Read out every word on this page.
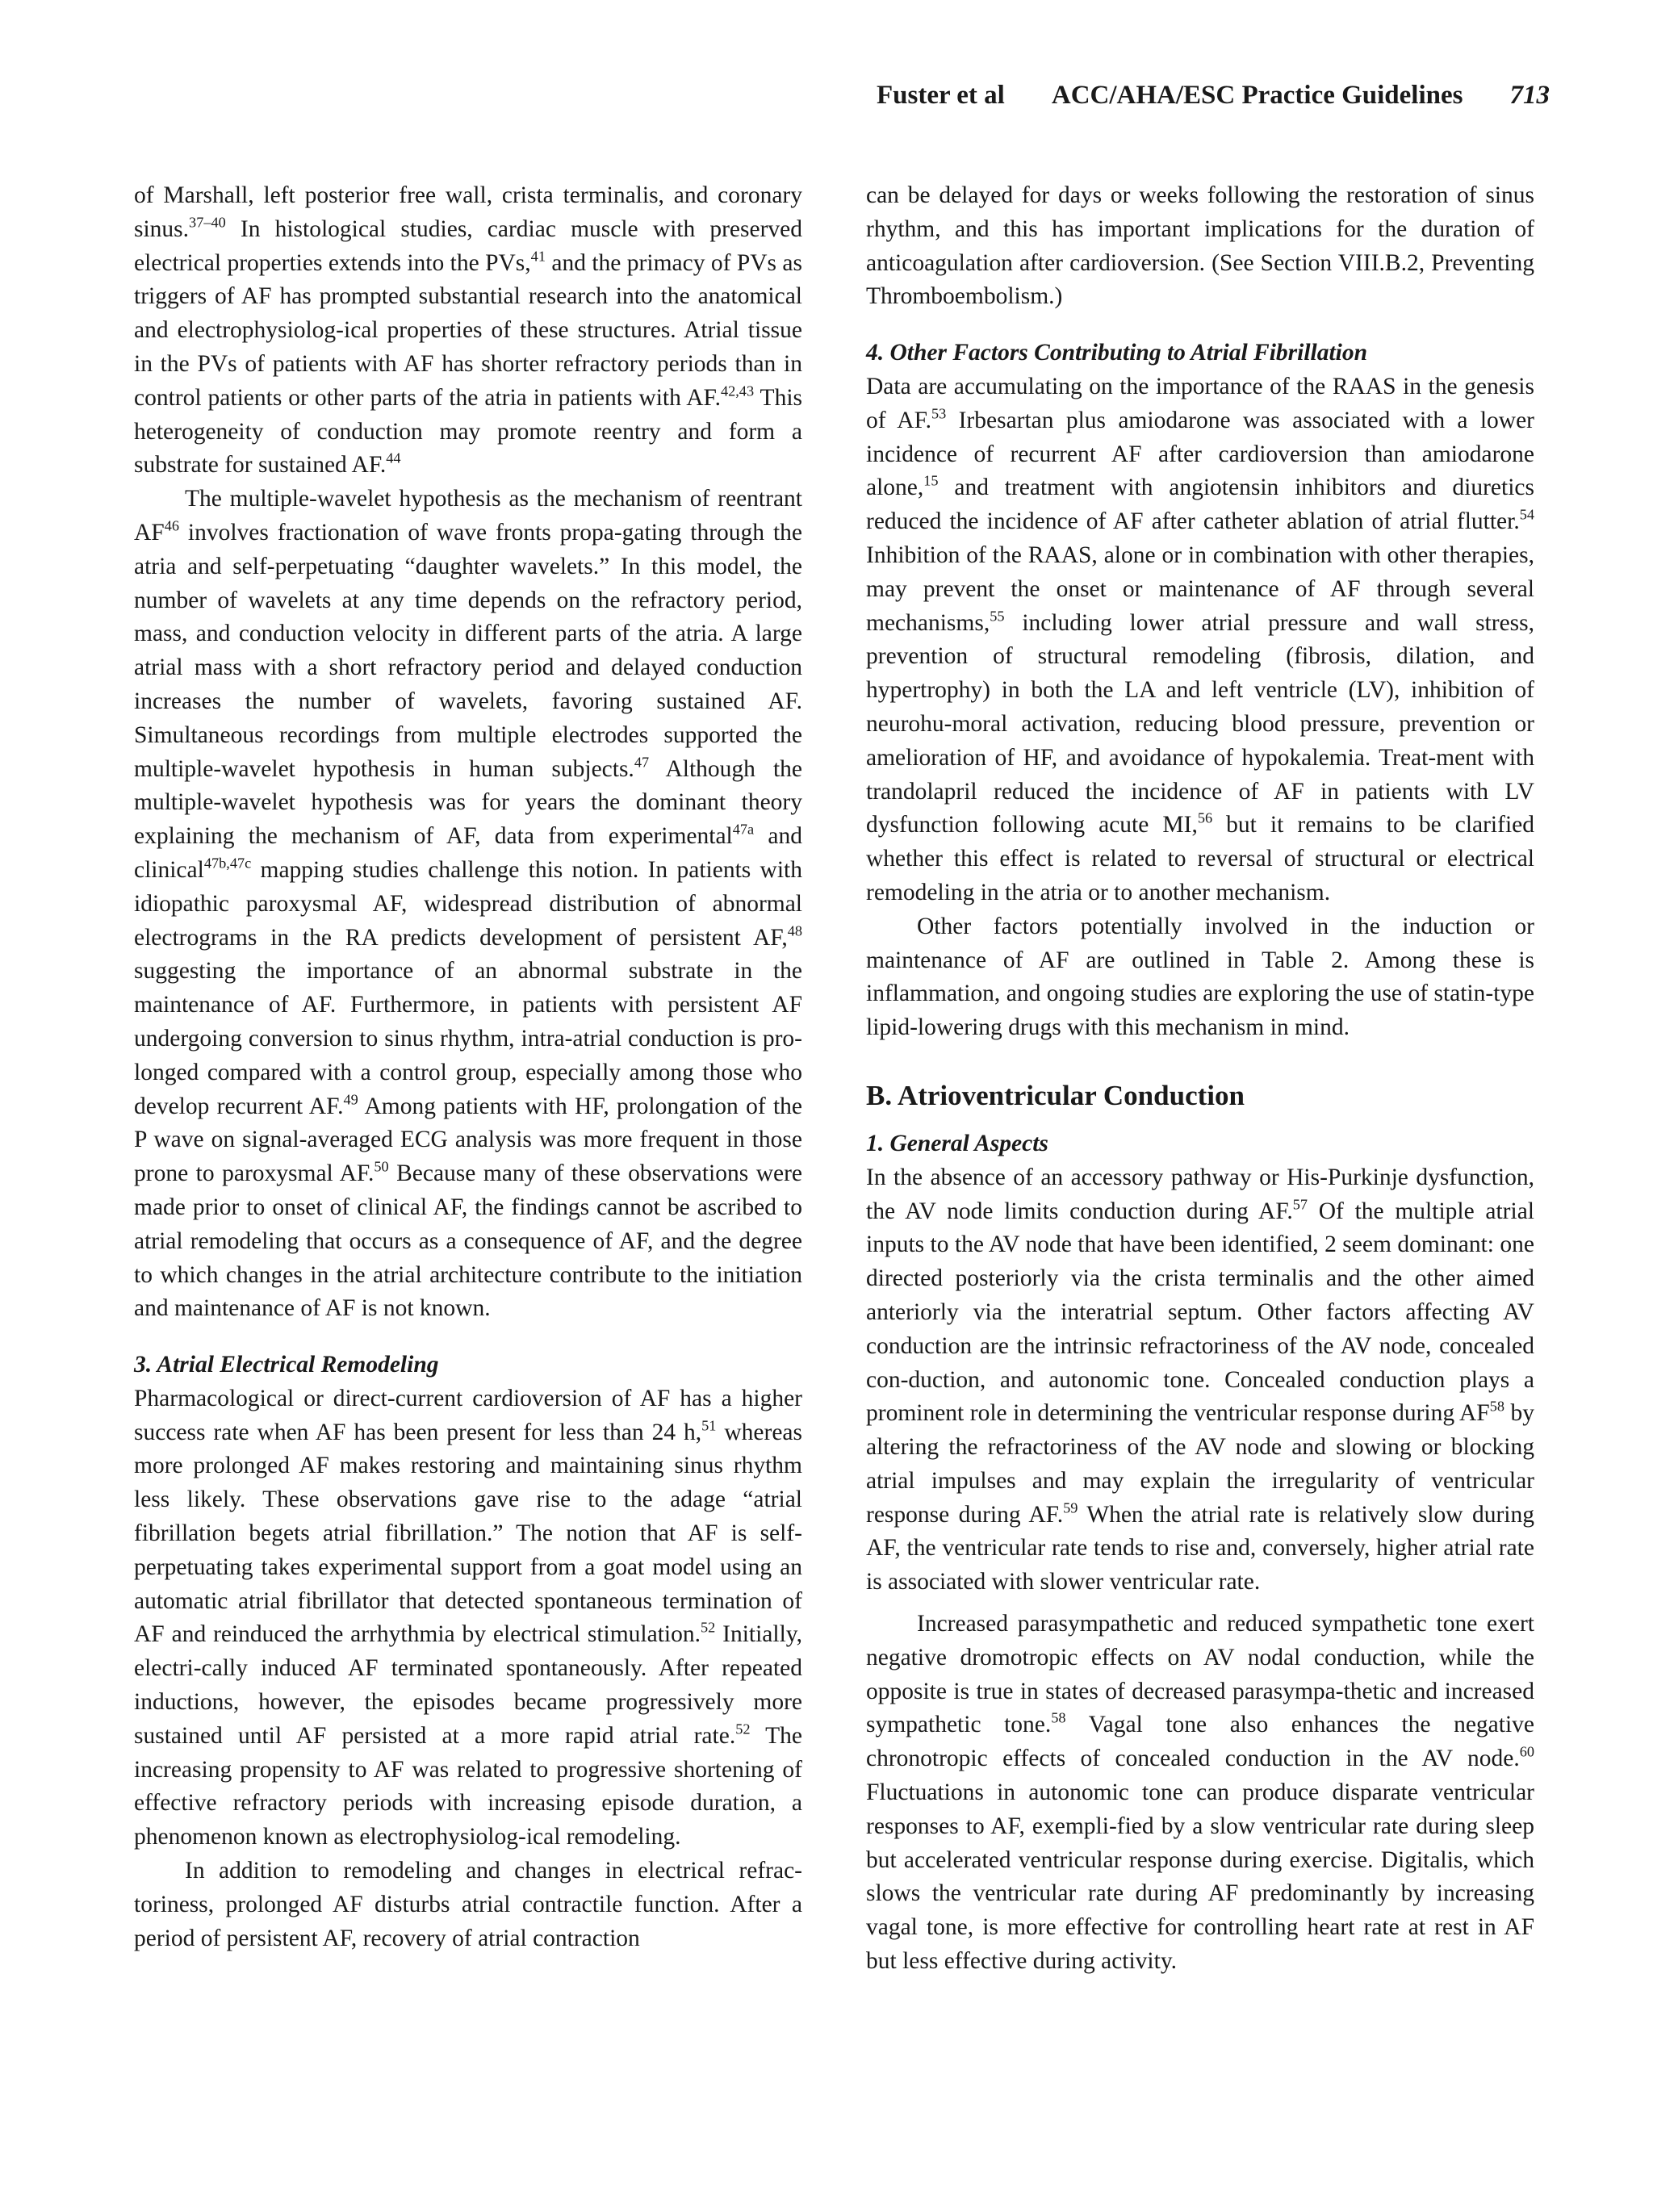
Fuster et al ACC/AHA/ESC Practice Guidelines 713

of Marshall, left posterior free wall, crista terminalis, and coronary sinus.$^{37-40}$ In histological studies, cardiac muscle with preserved electrical properties extends into the PVs,$^{41}$ and the primacy of PVs as triggers of AF has prompted substantial research into the anatomical and electrophysiolog-ical properties of these structures. Atrial tissue in the PVs of patients with AF has shorter refractory periods than in control patients or other parts of the atria in patients with AF.$^{42,43}$ This heterogeneity of conduction may promote reentry and form a substrate for sustained AF.$^{44}$

The multiple-wavelet hypothesis as the mechanism of reentrant AF$^{46}$ involves fractionation of wave fronts propa-gating through the atria and self-perpetuating “daughter wavelets.” In this model, the number of wavelets at any time depends on the refractory period, mass, and conduction velocity in different parts of the atria. A large atrial mass with a short refractory period and delayed conduction increases the number of wavelets, favoring sustained AF. Simultaneous recordings from multiple electrodes supported the multiple-wavelet hypothesis in human subjects.$^{47}$ Although the multiple-wavelet hypothesis was for years the dominant theory explaining the mechanism of AF, data from experimental$^{47a}$ and clinical$^{47b,47c}$ mapping studies challenge this notion. In patients with idiopathic paroxysmal AF, widespread distribution of abnormal electrograms in the RA predicts development of persistent AF,$^{48}$ suggesting the importance of an abnormal substrate in the maintenance of AF. Furthermore, in patients with persistent AF undergoing conversion to sinus rhythm, intra-atrial conduction is pro-longed compared with a control group, especially among those who develop recurrent AF.$^{49}$ Among patients with HF, prolongation of the P wave on signal-averaged ECG analysis was more frequent in those prone to paroxysmal AF.$^{50}$ Because many of these observations were made prior to onset of clinical AF, the findings cannot be ascribed to atrial remodeling that occurs as a consequence of AF, and the degree to which changes in the atrial architecture contribute to the initiation and maintenance of AF is not known.

3. Atrial Electrical Remodeling

Pharmacological or direct-current cardioversion of AF has a higher success rate when AF has been present for less than 24 h,$^{51}$ whereas more prolonged AF makes restoring and maintaining sinus rhythm less likely. These observations gave rise to the adage “atrial fibrillation begets atrial fibrillation.” The notion that AF is self-perpetuating takes experimental support from a goat model using an automatic atrial fibrillator that detected spontaneous termination of AF and reinduced the arrhythmia by electrical stimulation.$^{52}$ Initially, electri-cally induced AF terminated spontaneously. After repeated inductions, however, the episodes became progressively more sustained until AF persisted at a more rapid atrial rate.$^{52}$ The increasing propensity to AF was related to progressive shortening of effective refractory periods with increasing episode duration, a phenomenon known as electrophysiolog-ical remodeling.

In addition to remodeling and changes in electrical refrac-toriness, prolonged AF disturbs atrial contractile function. After a period of persistent AF, recovery of atrial contraction

can be delayed for days or weeks following the restoration of sinus rhythm, and this has important implications for the duration of anticoagulation after cardioversion. (See Section VIII.B.2, Preventing Thromboembolism.)

4. Other Factors Contributing to Atrial Fibrillation

Data are accumulating on the importance of the RAAS in the genesis of AF.$^{53}$ Irbesartan plus amiodarone was associated with a lower incidence of recurrent AF after cardioversion than amiodarone alone,$^{15}$ and treatment with angiotensin inhibitors and diuretics reduced the incidence of AF after catheter ablation of atrial flutter.$^{54}$ Inhibition of the RAAS, alone or in combination with other therapies, may prevent the onset or maintenance of AF through several mechanisms,$^{55}$ including lower atrial pressure and wall stress, prevention of structural remodeling (fibrosis, dilation, and hypertrophy) in both the LA and left ventricle (LV), inhibition of neurohu-moral activation, reducing blood pressure, prevention or amelioration of HF, and avoidance of hypokalemia. Treat-ment with trandolapril reduced the incidence of AF in patients with LV dysfunction following acute MI,$^{56}$ but it remains to be clarified whether this effect is related to reversal of structural or electrical remodeling in the atria or to another mechanism.

Other factors potentially involved in the induction or maintenance of AF are outlined in Table 2. Among these is inflammation, and ongoing studies are exploring the use of statin-type lipid-lowering drugs with this mechanism in mind.

B. Atrioventricular Conduction
1. General Aspects

In the absence of an accessory pathway or His-Purkinje dysfunction, the AV node limits conduction during AF.$^{57}$ Of the multiple atrial inputs to the AV node that have been identified, 2 seem dominant: one directed posteriorly via the crista terminalis and the other aimed anteriorly via the interatrial septum. Other factors affecting AV conduction are the intrinsic refractoriness of the AV node, concealed con-duction, and autonomic tone. Concealed conduction plays a prominent role in determining the ventricular response during AF$^{58}$ by altering the refractoriness of the AV node and slowing or blocking atrial impulses and may explain the irregularity of ventricular response during AF.$^{59}$ When the atrial rate is relatively slow during AF, the ventricular rate tends to rise and, conversely, higher atrial rate is associated with slower ventricular rate.

Increased parasympathetic and reduced sympathetic tone exert negative dromotropic effects on AV nodal conduction, while the opposite is true in states of decreased parasympa-thetic and increased sympathetic tone.$^{58}$ Vagal tone also enhances the negative chronotropic effects of concealed conduction in the AV node.$^{60}$ Fluctuations in autonomic tone can produce disparate ventricular responses to AF, exempli-fied by a slow ventricular rate during sleep but accelerated ventricular response during exercise. Digitalis, which slows the ventricular rate during AF predominantly by increasing vagal tone, is more effective for controlling heart rate at rest in AF but less effective during activity.
